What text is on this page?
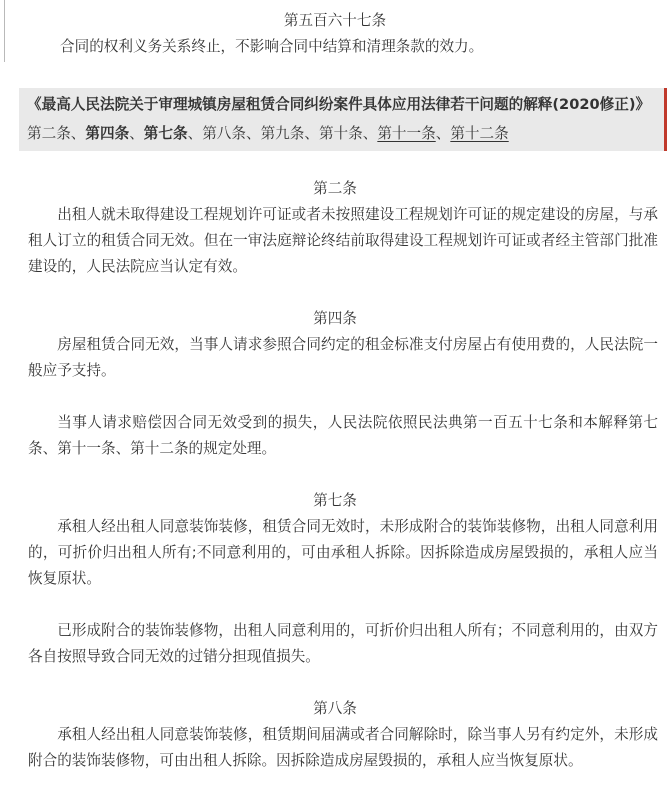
第五百六十七条

合同的权利义务关系终止，不影响合同中结算和清理条款的效力。

《最高人民法院关于审理城镇房屋租赁合同纠纷案件具体应用法律若干问题的解释(2020修正)》第二条、第四条、第七条、第八条、第九条、第十条、第十一条、第十二条

第二条

出租人就未取得建设工程规划许可证或者未按照建设工程规划许可证的规定建设的房屋，与承租人订立的租赁合同无效。但在一审法庭辩论终结前取得建设工程规划许可证或者经主管部门批准建设的，人民法院应当认定有效。

第四条

房屋租赁合同无效，当事人请求参照合同约定的租金标准支付房屋占有使用费的，人民法院一般应予支持。

当事人请求赔偿因合同无效受到的损失，人民法院依照民法典第一百五十七条和本解释第七条、第十一条、第十二条的规定处理。

第七条

承租人经出租人同意装饰装修，租赁合同无效时，未形成附合的装饰装修物，出租人同意利用的，可折价归出租人所有;不同意利用的，可由承租人拆除。因拆除造成房屋毁损的，承租人应当恢复原状。

已形成附合的装饰装修物，出租人同意利用的，可折价归出租人所有；不同意利用的，由双方各自按照导致合同无效的过错分担现值损失。

第八条

承租人经出租人同意装饰装修，租赁期间届满或者合同解除时，除当事人另有约定外，未形成附合的装饰装修物，可由出租人拆除。因拆除造成房屋毁损的，承租人应当恢复原状。
